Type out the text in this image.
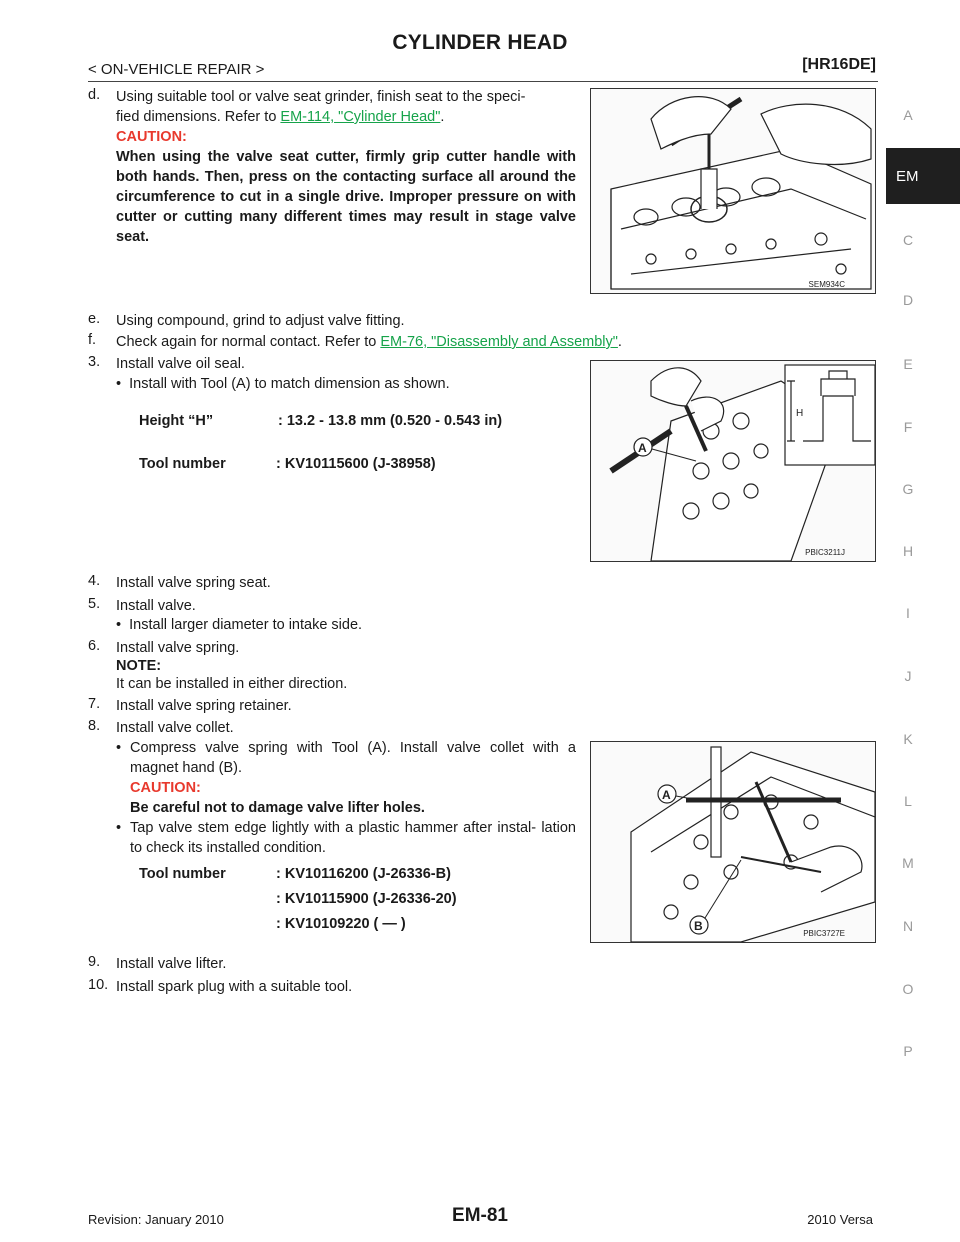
CYLINDER HEAD
< ON-VEHICLE REPAIR >	[HR16DE]
A
EM
C
D
E
F
G
H
I
J
K
L
M
N
O
P
d. Using suitable tool or valve seat grinder, finish seat to the speci-
fied dimensions. Refer to EM-114, "Cylinder Head".
CAUTION:
When using the valve seat cutter, firmly grip cutter handle with both hands. Then, press on the contacting surface all around the circumference to cut in a single drive. Improper pressure on with cutter or cutting many different times may result in stage valve seat.
SEM934C
e. Using compound, grind to adjust valve fitting.
f. Check again for normal contact. Refer to EM-76, "Disassembly and Assembly".
3. Install valve oil seal.
•  Install with Tool (A) to match dimension as shown.
Height “H”	: 13.2 - 13.8 mm (0.520 - 0.543 in)
Tool number	: KV10115600 (J-38958)
H
A
PBIC3211J
4. Install valve spring seat.
5. Install valve.
•  Install larger diameter to intake side.
6. Install valve spring.
NOTE:
It can be installed in either direction.
7. Install valve spring retainer.
8. Install valve collet.
• Compress valve spring with Tool (A). Install valve collet with a magnet hand (B).
CAUTION:
Be careful not to damage valve lifter holes.
• Tap valve stem edge lightly with a plastic hammer after instal- lation to check its installed condition.
Tool number	: KV10116200 (J-26336-B)
: KV10115900 (J-26336-20)
: KV10109220 ( — )
A
B
PBIC3727E
9. Install valve lifter.
10. Install spark plug with a suitable tool.
Revision: January 2010	EM-81	2010 Versa
